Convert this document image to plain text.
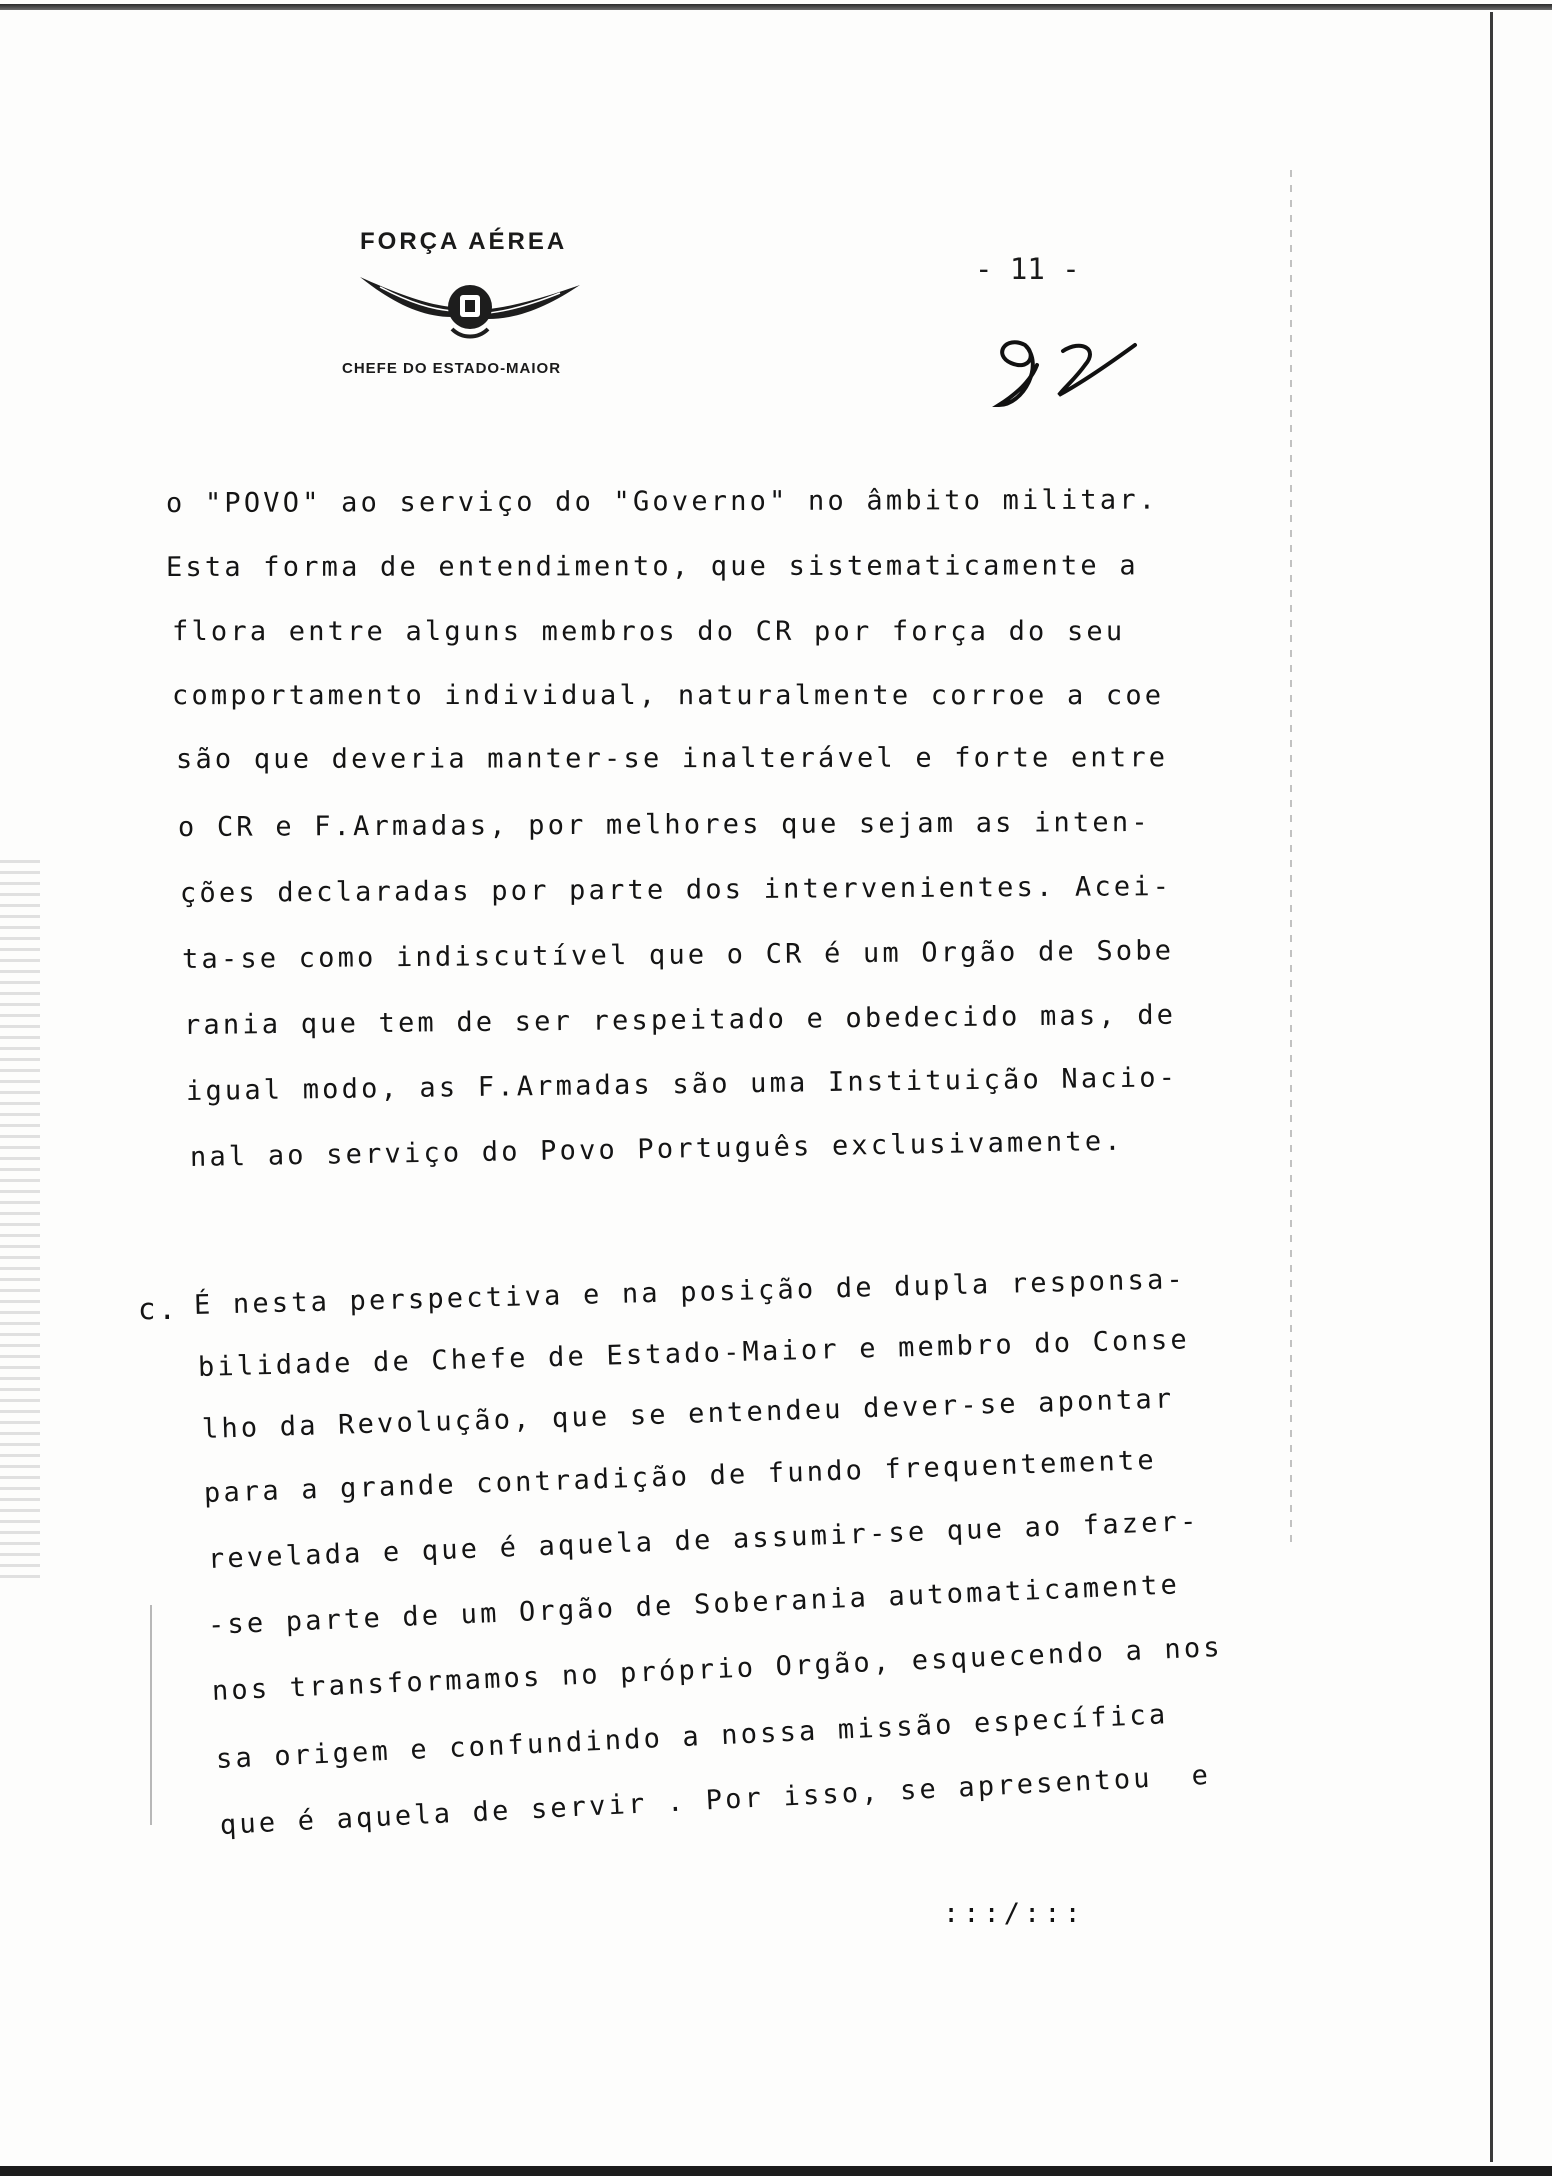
FORÇA AÉREA
CHEFE DO ESTADO-MAIOR
- 11 -
o "POVO" ao serviço do "Governo" no âmbito militar.
Esta forma de entendimento, que sistematicamente a
flora entre alguns membros do CR por força do seu
comportamento individual, naturalmente corroe a coe
são que deveria manter-se inalterável e forte entre
o CR e F.Armadas, por melhores que sejam as inten-
ções declaradas por parte dos intervenientes. Acei-
ta-se como indiscutível que o CR é um Orgão de Sobe
rania que tem de ser respeitado e obedecido mas, de
igual modo, as F.Armadas são uma Instituição Nacio-
nal ao serviço do Povo Português exclusivamente.
c. É nesta perspectiva e na posição de dupla responsa-
bilidade de Chefe de Estado-Maior e membro do Conse
lho da Revolução, que se entendeu dever-se apontar
para a grande contradição de fundo frequentemente
revelada e que é aquela de assumir-se que ao fazer-
-se parte de um Orgão de Soberania automaticamente
nos transformamos no próprio Orgão, esquecendo a nos
sa origem e confundindo a nossa missão específica
que é aquela de servir . Por isso, se apresentou  e
:::/:::
